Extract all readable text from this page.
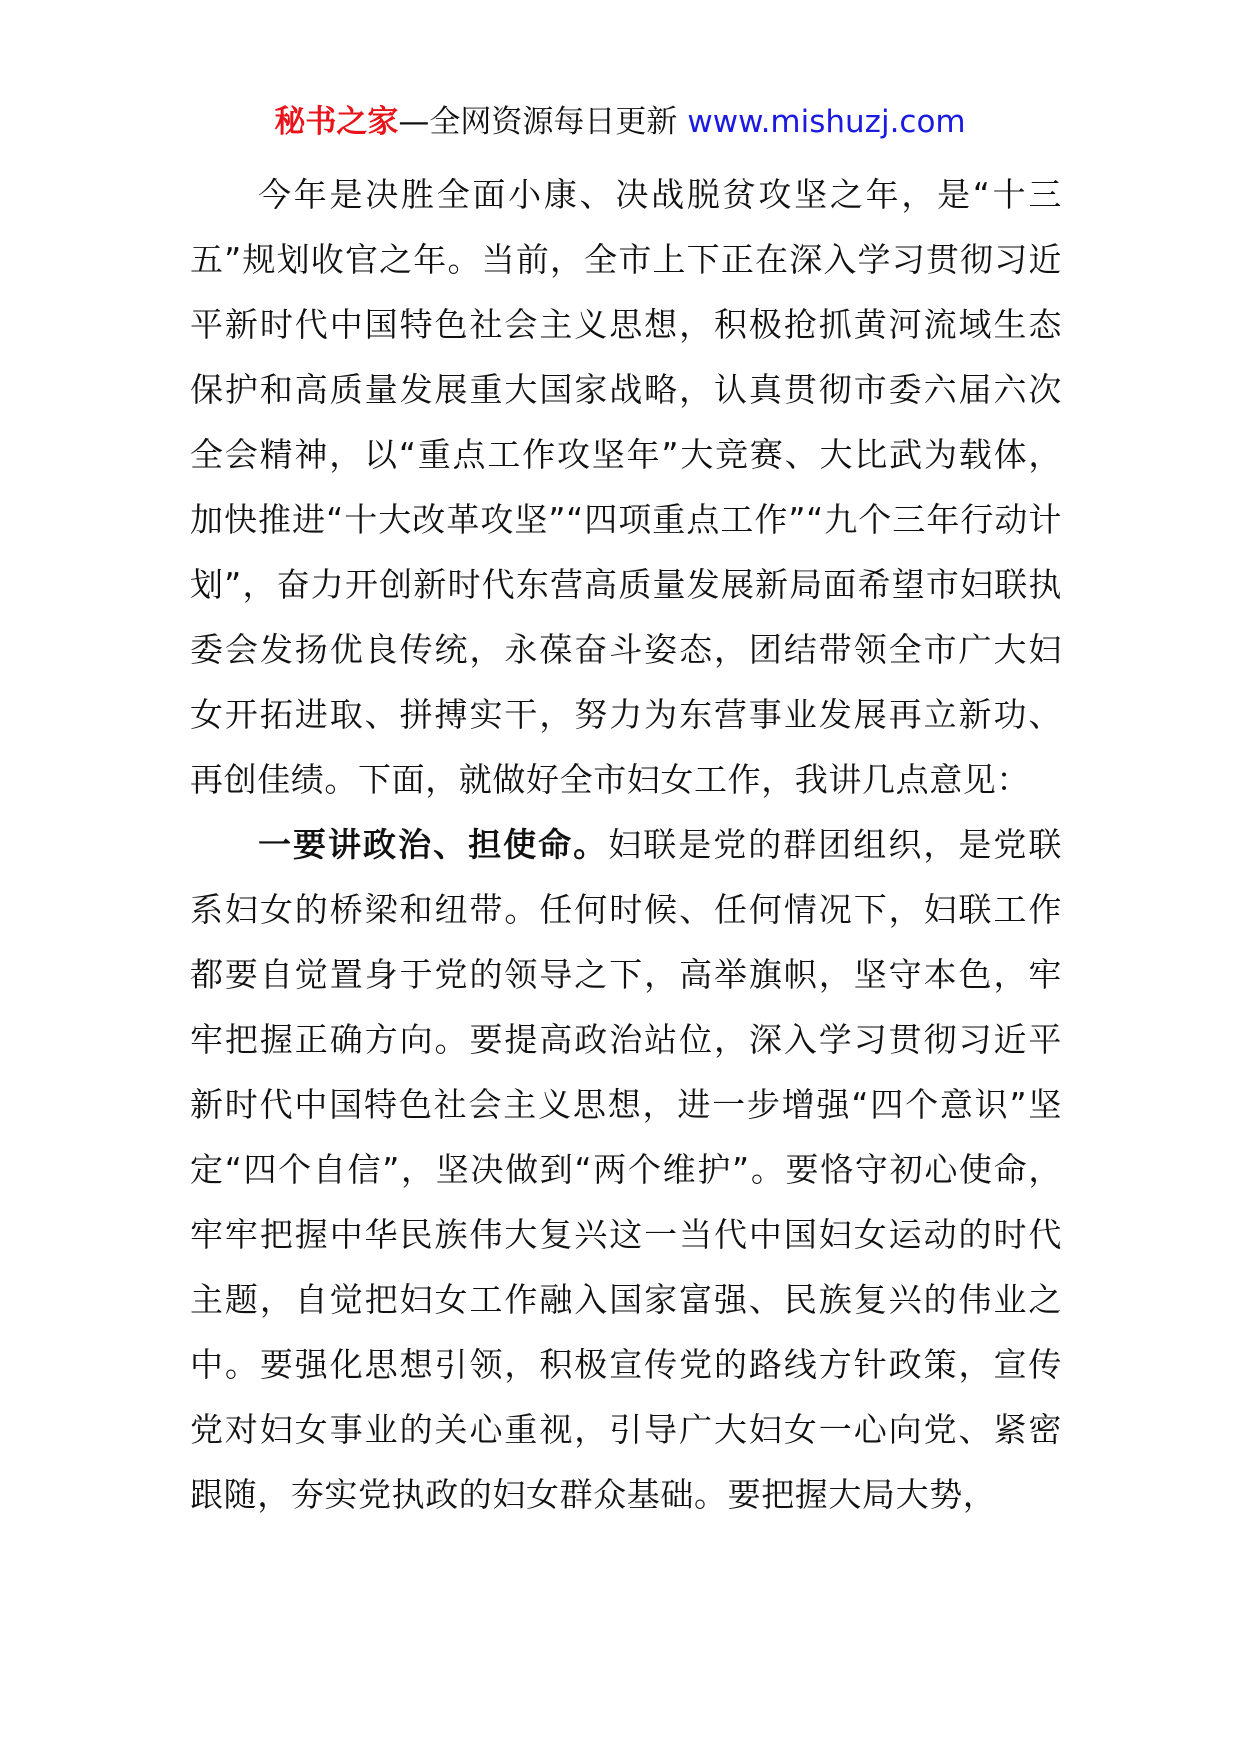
秘书之家—全网资源每日更新 www.mishuzj.com

今年是决胜全面小康、决战脱贫攻坚之年，是“十三五”规划收官之年。当前，全市上下正在深入学习贯彻习近平新时代中国特色社会主义思想，积极抢抓黄河流域生态保护和高质量发展重大国家战略，认真贯彻市委六届六次全会精神，以“重点工作攻坚年”大竞赛、大比武为载体，加快推进“十大改革攻坚”“四项重点工作”“九个三年行动计划”，奋力开创新时代东营高质量发展新局面希望市妇联执委会发扬优良传统，永葆奋斗姿态，团结带领全市广大妇女开拓进取、拼搏实干，努力为东营事业发展再立新功、再创佳绩。下面，就做好全市妇女工作，我讲几点意见：

一要讲政治、担使命。妇联是党的群团组织，是党联系妇女的桥梁和纽带。任何时候、任何情况下，妇联工作都要自觉置身于党的领导之下，高举旗帜，坚守本色，牢牢把握正确方向。要提高政治站位，深入学习贯彻习近平新时代中国特色社会主义思想，进一步增强“四个意识”坚定“四个自信”，坚决做到“两个维护”。要恪守初心使命，牢牢把握中华民族伟大复兴这一当代中国妇女运动的时代主题，自觉把妇女工作融入国家富强、民族复兴的伟业之中。要强化思想引领，积极宣传党的路线方针政策，宣传党对妇女事业的关心重视，引导广大妇女一心向党、紧密跟随，夯实党执政的妇女群众基础。要把握大局大势，
